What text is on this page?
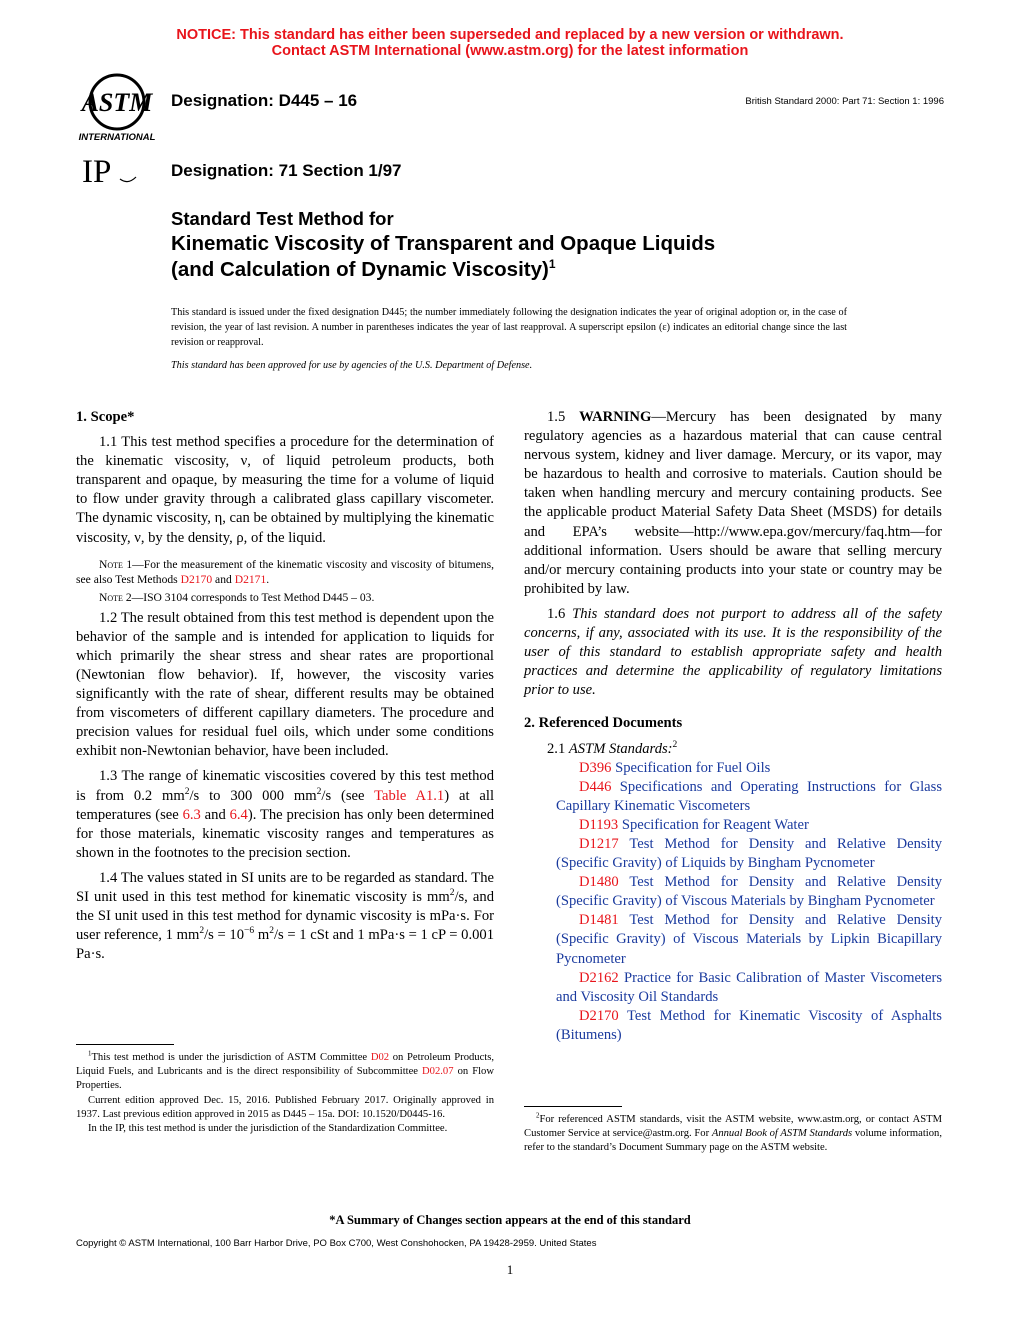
NOTICE: This standard has either been superseded and replaced by a new version or withdrawn.
Contact ASTM International (www.astm.org) for the latest information
ASTM
INTERNATIONAL
IP
Designation: D445 – 16	British Standard 2000: Part 71: Section 1: 1996
Designation: 71 Section 1/97
Standard Test Method for
Kinematic Viscosity of Transparent and Opaque Liquids
(and Calculation of Dynamic Viscosity)$^1$
This standard is issued under the fixed designation D445; the number immediately following the designation indicates the year of original adoption or, in the case of revision, the year of last revision. A number in parentheses indicates the year of last reapproval. A superscript epsilon (ε) indicates an editorial change since the last revision or reapproval.
This standard has been approved for use by agencies of the U.S. Department of Defense.
1. Scope*

1.1 This test method specifies a procedure for the determination of the kinematic viscosity, ν, of liquid petroleum products, both transparent and opaque, by measuring the time for a volume of liquid to flow under gravity through a calibrated glass capillary viscometer. The dynamic viscosity, η, can be obtained by multiplying the kinematic viscosity, ν, by the density, ρ, of the liquid.

Note 1—For the measurement of the kinematic viscosity and viscosity of bitumens, see also Test Methods D2170 and D2171.

Note 2—ISO 3104 corresponds to Test Method D445 – 03.

1.2 The result obtained from this test method is dependent upon the behavior of the sample and is intended for application to liquids for which primarily the shear stress and shear rates are proportional (Newtonian flow behavior). If, however, the viscosity varies significantly with the rate of shear, different results may be obtained from viscometers of different capillary diameters. The procedure and precision values for residual fuel oils, which under some conditions exhibit non-Newtonian behavior, have been included.

1.3 The range of kinematic viscosities covered by this test method is from 0.2 $mm^2/s$ to 300 000 $mm^2/s$ (see Table A1.1) at all temperatures (see 6.3 and 6.4). The precision has only been determined for those materials, kinematic viscosity ranges and temperatures as shown in the footnotes to the precision section.

1.4 The values stated in SI units are to be regarded as standard. The SI unit used in this test method for kinematic viscosity is $mm^2/s$, and the SI unit used in this test method for dynamic viscosity is mPa·s. For user reference, 1 $mm^2/s = 10^{-6}$ $m^2/s = 1$ cSt and 1 mPa·s = 1 cP = 0.001 Pa·s.

$^1$This test method is under the jurisdiction of ASTM Committee D02 on Petroleum Products, Liquid Fuels, and Lubricants and is the direct responsibility of Subcommittee D02.07 on Flow Properties.

Current edition approved Dec. 15, 2016. Published February 2017. Originally approved in 1937. Last previous edition approved in 2015 as D445 – 15a. DOI: 10.1520/D0445-16.

In the IP, this test method is under the jurisdiction of the Standardization Committee.

1.5 WARNING—Mercury has been designated by many regulatory agencies as a hazardous material that can cause central nervous system, kidney and liver damage. Mercury, or its vapor, may be hazardous to health and corrosive to materials. Caution should be taken when handling mercury and mercury containing products. See the applicable product Material Safety Data Sheet (MSDS) for details and EPA’s website—http://www.epa.gov/mercury/faq.htm—for additional information. Users should be aware that selling mercury and/or mercury containing products into your state or country may be prohibited by law.

1.6 This standard does not purport to address all of the safety concerns, if any, associated with its use. It is the responsibility of the user of this standard to establish appropriate safety and health practices and determine the applicability of regulatory limitations prior to use.

2. Referenced Documents

2.1 ASTM Standards:$^2$

D396 Specification for Fuel Oils

D446 Specifications and Operating Instructions for Glass Capillary Kinematic Viscometers

D1193 Specification for Reagent Water

D1217 Test Method for Density and Relative Density (Specific Gravity) of Liquids by Bingham Pycnometer

D1480 Test Method for Density and Relative Density (Specific Gravity) of Viscous Materials by Bingham Pycnometer

D1481 Test Method for Density and Relative Density (Specific Gravity) of Viscous Materials by Lipkin Bicapillary Pycnometer

D2162 Practice for Basic Calibration of Master Viscometers and Viscosity Oil Standards

D2170 Test Method for Kinematic Viscosity of Asphalts (Bitumens)

$^2$For referenced ASTM standards, visit the ASTM website, www.astm.org, or contact ASTM Customer Service at service@astm.org. For Annual Book of ASTM Standards volume information, refer to the standard’s Document Summary page on the ASTM website.

*A Summary of Changes section appears at the end of this standard
Copyright © ASTM International, 100 Barr Harbor Drive, PO Box C700, West Conshohocken, PA 19428-2959. United States
1
